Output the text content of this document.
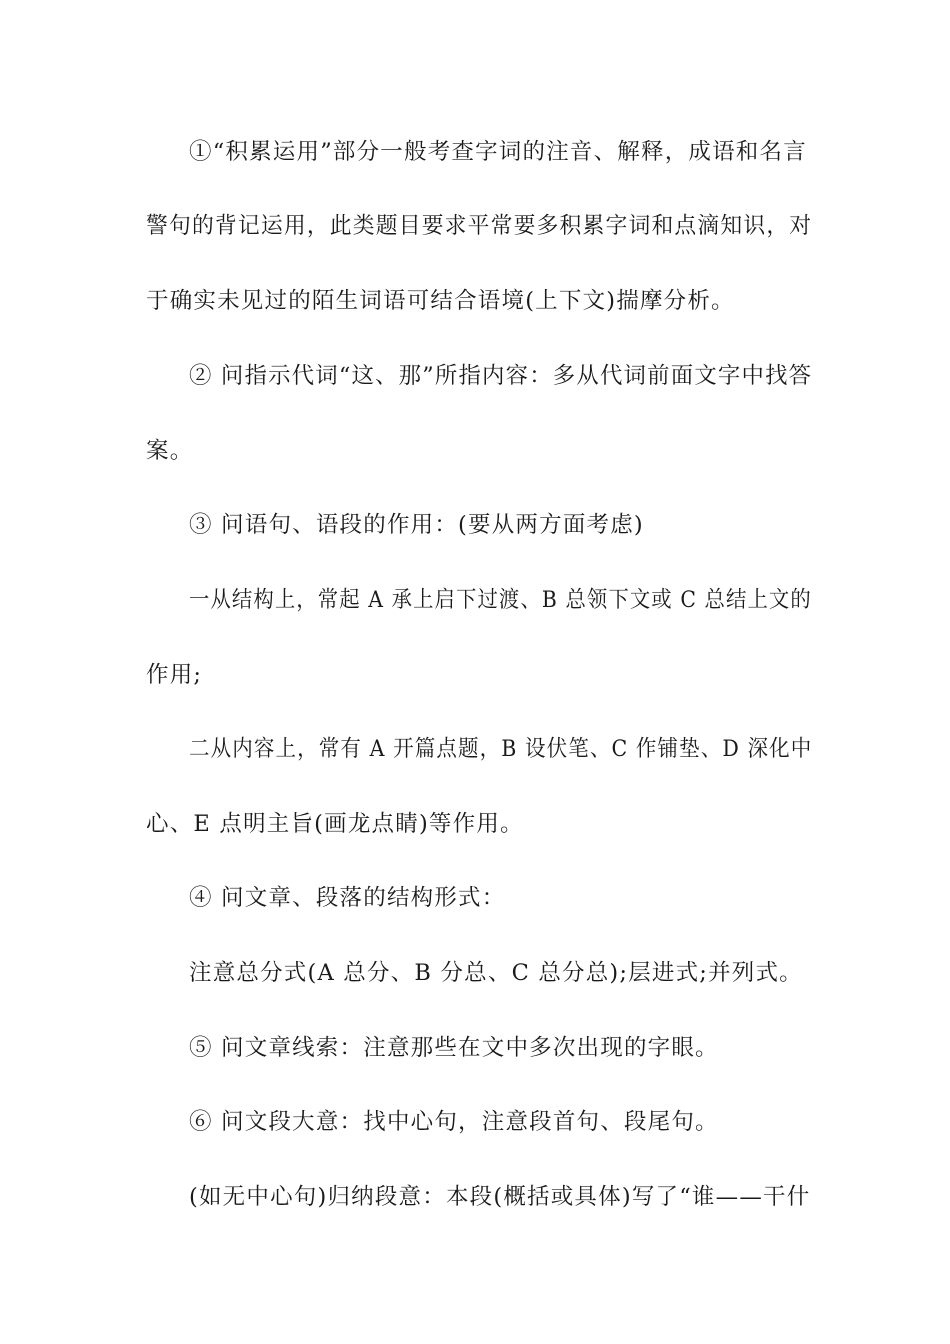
①“积累运用”部分一般考查字词的注音、解释，成语和名言
警句的背记运用，此类题目要求平常要多积累字词和点滴知识，对
于确实未见过的陌生词语可结合语境(上下文)揣摩分析。
② 问指示代词“这、那”所指内容：多从代词前面文字中找答
案。
③ 问语句、语段的作用：(要从两方面考虑)
一从结构上，常起 A 承上启下过渡、B 总领下文或 C 总结上文的
作用;
二从内容上，常有 A 开篇点题，B 设伏笔、C 作铺垫、D 深化中
心、E 点明主旨(画龙点睛)等作用。
④ 问文章、段落的结构形式：
注意总分式(A 总分、B 分总、C 总分总);层进式;并列式。
⑤ 问文章线索：注意那些在文中多次出现的字眼。
⑥ 问文段大意：找中心句，注意段首句、段尾句。
(如无中心句)归纳段意：本段(概括或具体)写了“谁——干什
